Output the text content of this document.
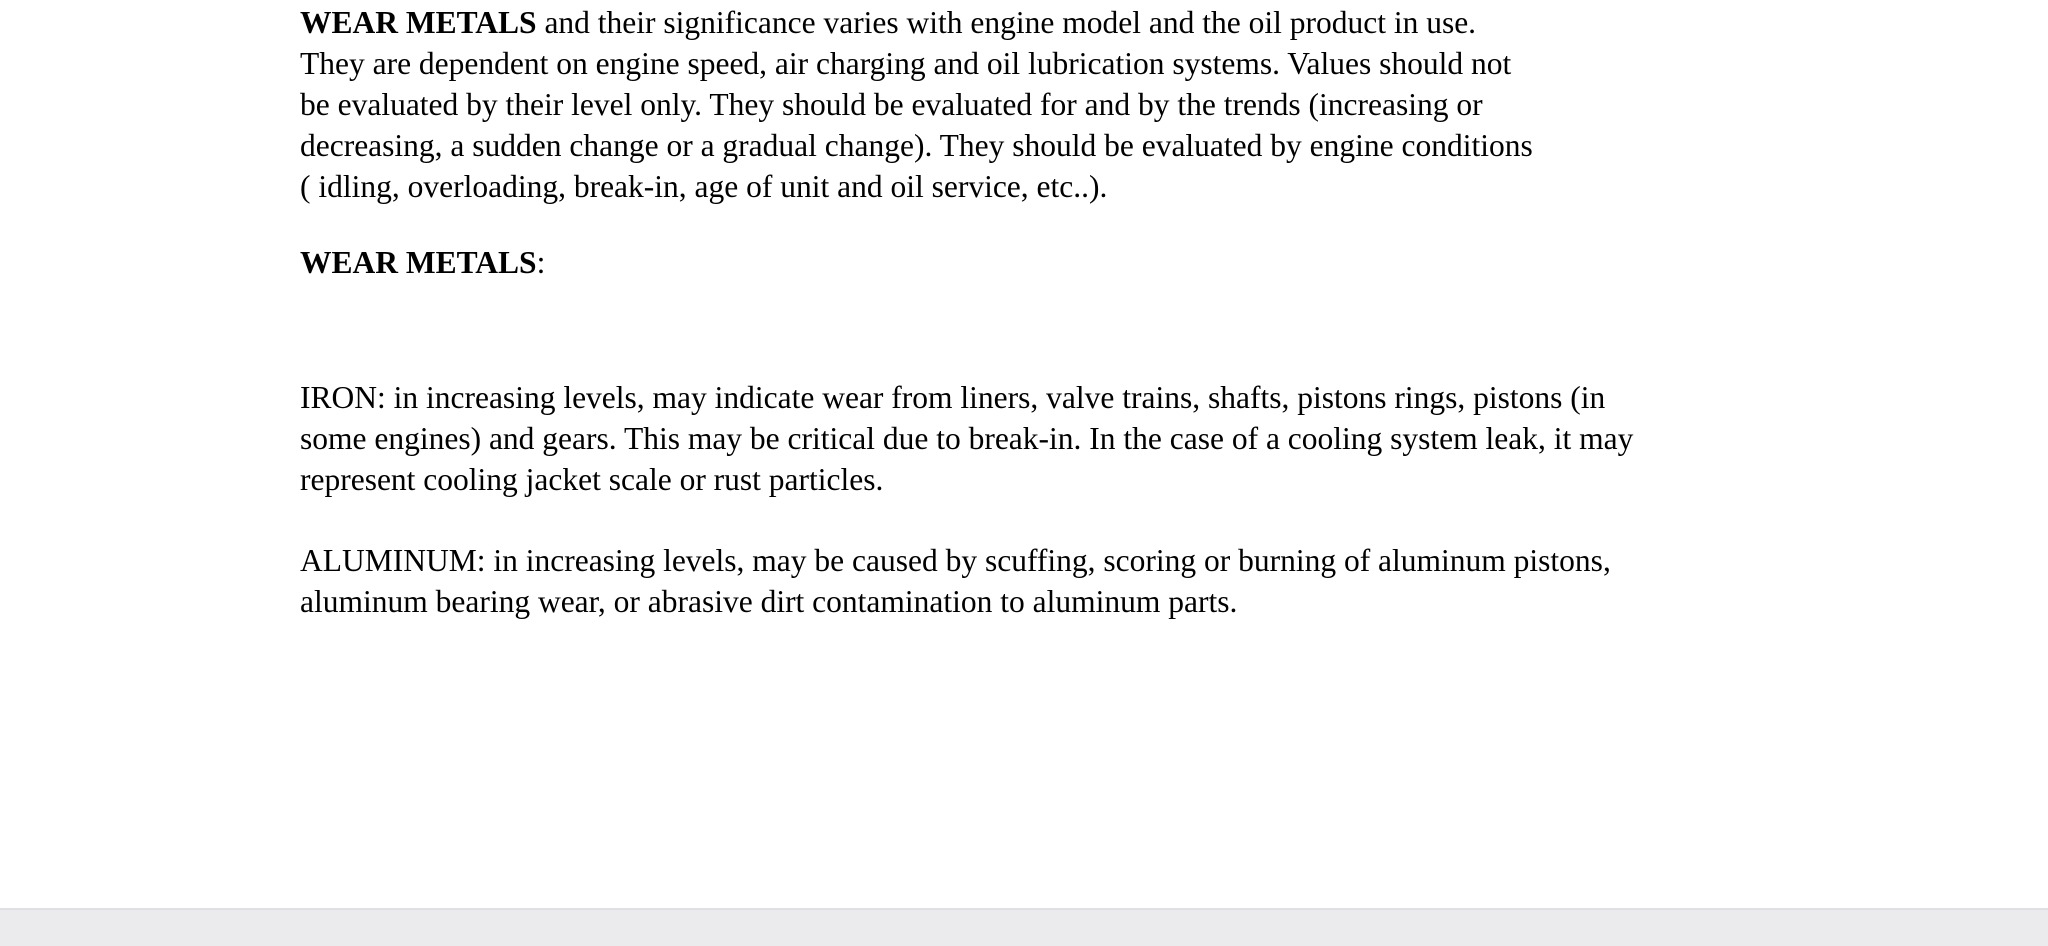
WEAR METALS and their significance varies with engine model and the oil product in use.
They are dependent on engine speed, air charging and oil lubrication systems. Values should not
be evaluated by their level only. They should be evaluated for and by the trends (increasing or
decreasing, a sudden change or a gradual change). They should be evaluated by engine conditions
( idling, overloading, break-in, age of unit and oil service, etc..).

WEAR METALS:

IRON: in increasing levels, may indicate wear from liners, valve trains, shafts, pistons rings, pistons (in
some engines) and gears. This may be critical due to break-in. In the case of a cooling system leak, it may
represent cooling jacket scale or rust particles.

ALUMINUM: in increasing levels, may be caused by scuffing, scoring or burning of aluminum pistons,
aluminum bearing wear, or abrasive dirt contamination to aluminum parts.
